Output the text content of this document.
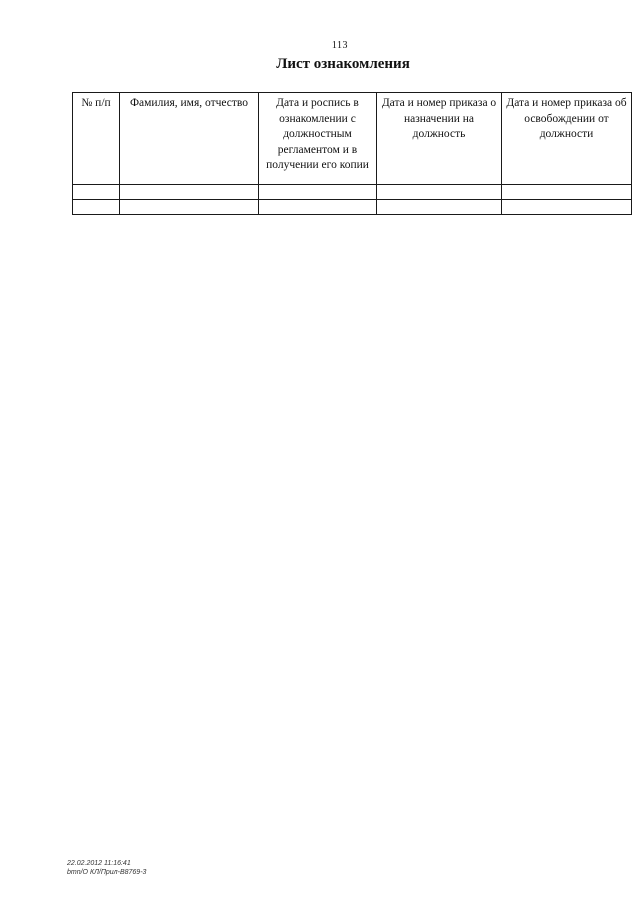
113
Лист ознакомления
№ п/п	Фамилия, имя, отчество	Дата и роспись в ознакомлении с должностным регламентом и в получении его копии	Дата и номер приказа о назначении на должность	Дата и номер приказа об освобождении от должности

22.02.2012 11:16:41
bmn/О КЛ/Прил-В8769-3
